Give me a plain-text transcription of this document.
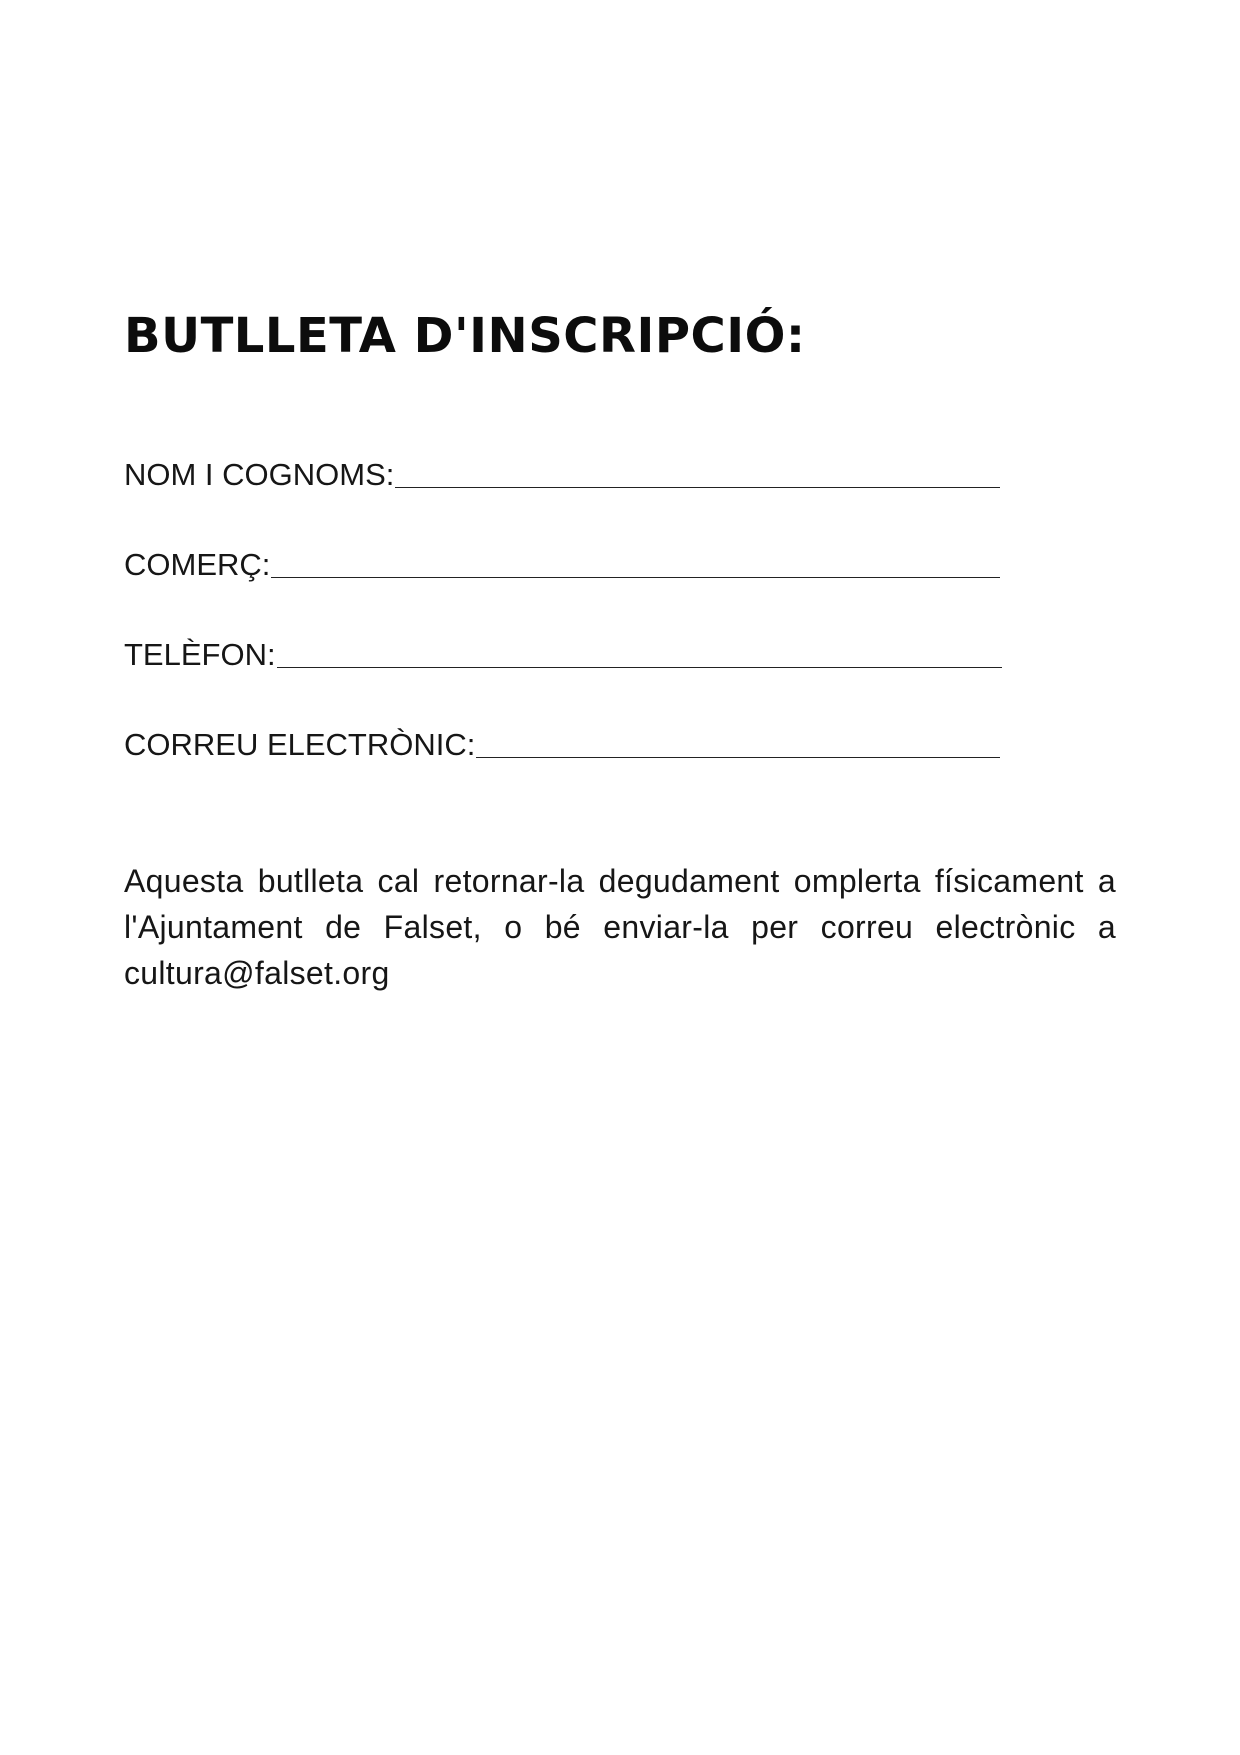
BUTLLETA D'INSCRIPCIÓ:
NOM I COGNOMS:
COMERÇ:
TELÈFON:
CORREU ELECTRÒNIC:

Aquesta butlleta cal retornar-la degudament omplerta físicament a l'Ajuntament de Falset, o bé enviar-la per correu electrònic a cultura@falset.org
